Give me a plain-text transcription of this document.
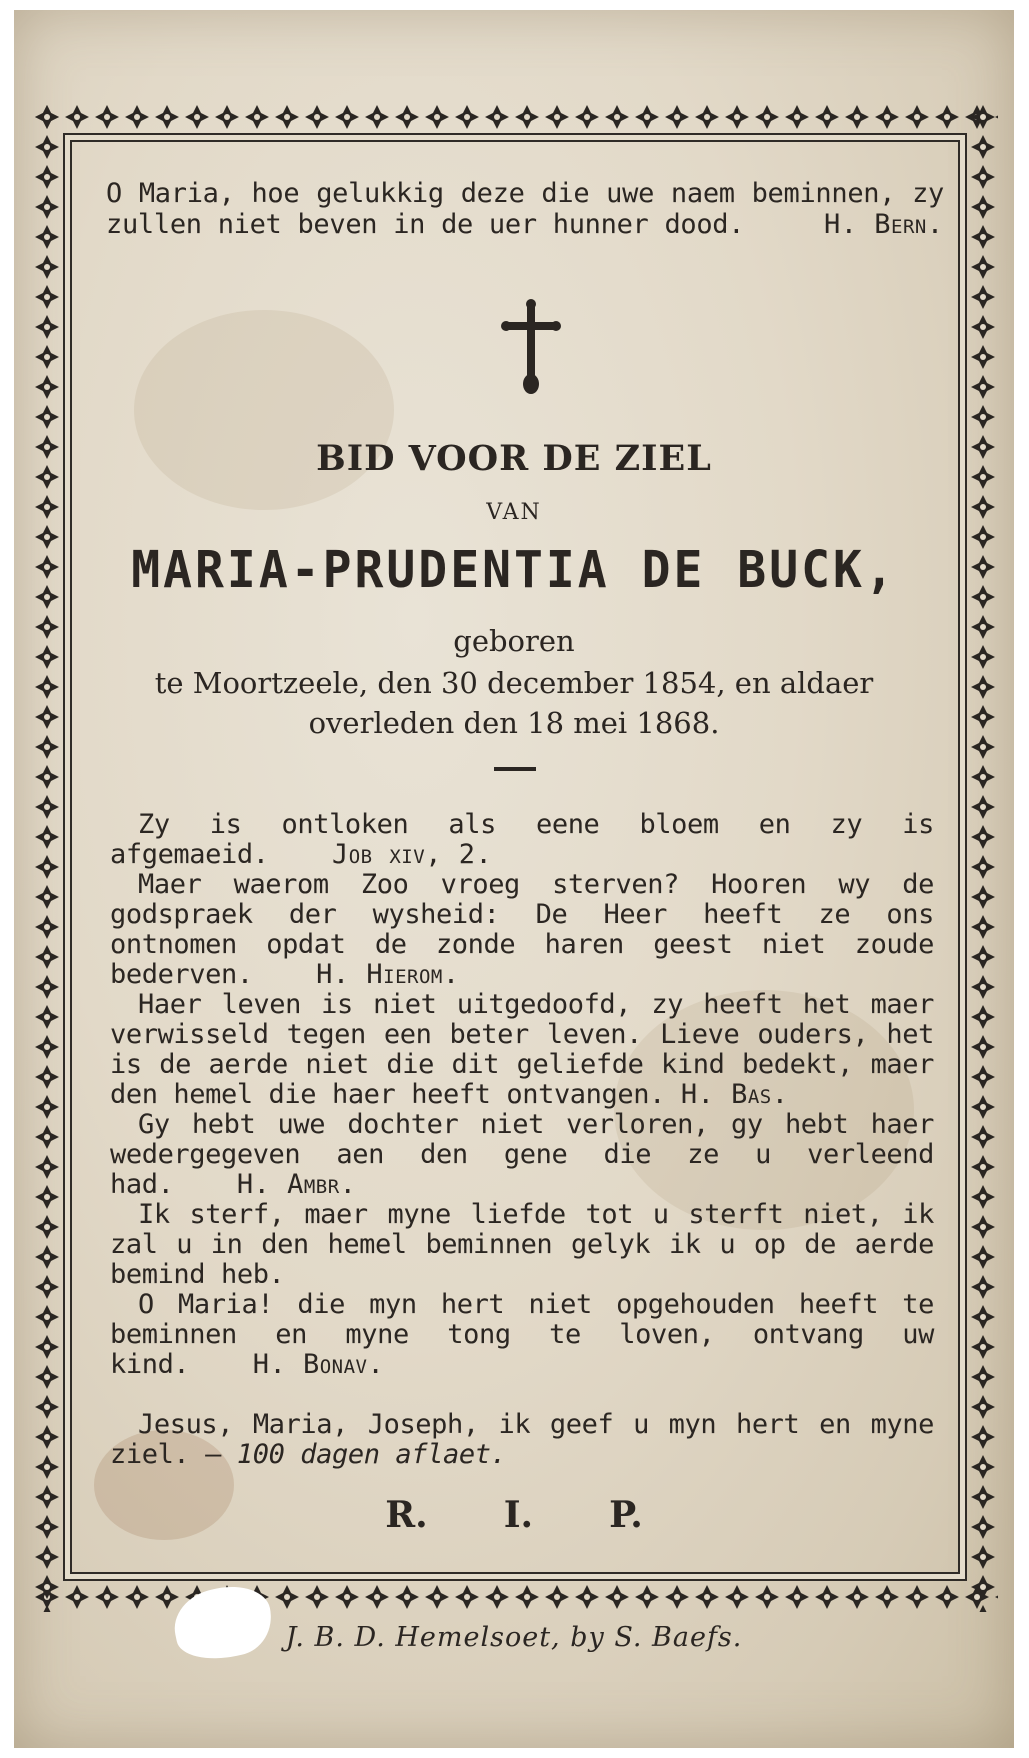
O Maria, hoe gelukkig deze die uwe naem beminnen, zy zullen niet beven in de uer hunner dood.	H. Bern.

BID VOOR DE ZIEL
VAN
MARIA-PRUDENTIA DE BUCK,
geboren
te Moortzeele, den 30 december 1854, en aldaer
overleden den 18 mei 1868.

Zy is ontloken als eene bloem en zy is afgemaeid. Job xiv, 2.

Maer waerom Zoo vroeg sterven? Hooren wy de godspraek der wysheid: De Heer heeft ze ons ontnomen opdat de zonde haren geest niet zoude bederven. H. Hierom.

Haer leven is niet uitgedoofd, zy heeft het maer verwisseld tegen een beter leven. Lieve ouders, het is de aerde niet die dit geliefde kind bedekt, maer den hemel die haer heeft ontvangen. H. Bas.

Gy hebt uwe dochter niet verloren, gy hebt haer wedergegeven aen den gene die ze u verleend had. H. Ambr.

Ik sterf, maer myne liefde tot u sterft niet, ik zal u in den hemel beminnen gelyk ik u op de aerde bemind heb.

O Maria! die myn hert niet opgehouden heeft te beminnen en myne tong te loven, ontvang uw kind. H. Bonav.

Jesus, Maria, Joseph, ik geef u myn hert en myne ziel. — 100 dagen aflaet.

R. I. P.
J. B. D. Hemelsoet, by S. Baefs.
